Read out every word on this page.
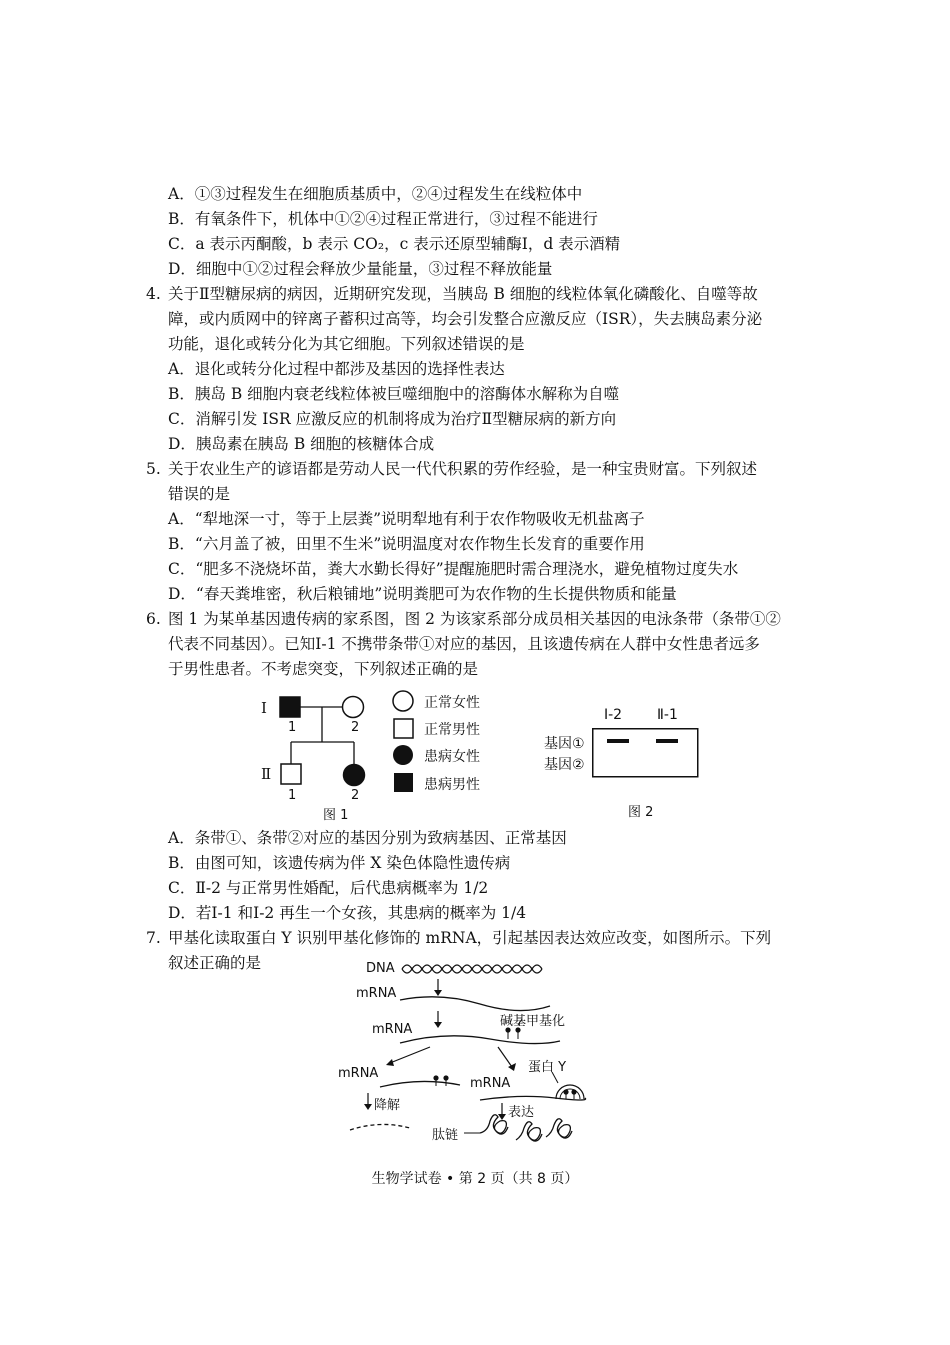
A．①③过程发生在细胞质基质中，②④过程发生在线粒体中
B．有氧条件下，机体中①②④过程正常进行，③过程不能进行
C．a 表示丙酮酸，b 表示 CO₂，c 表示还原型辅酶Ⅰ，d 表示酒精
D．细胞中①②过程会释放少量能量，③过程不释放能量
4. 关于Ⅱ型糖尿病的病因，近期研究发现，当胰岛 B 细胞的线粒体氧化磷酸化、自噬等故
障，或内质网中的锌离子蓄积过高等，均会引发整合应激反应（ISR），失去胰岛素分泌
功能，退化或转分化为其它细胞。下列叙述错误的是
A．退化或转分化过程中都涉及基因的选择性表达
B．胰岛 B 细胞内衰老线粒体被巨噬细胞中的溶酶体水解称为自噬
C．消解引发 ISR 应激反应的机制将成为治疗Ⅱ型糖尿病的新方向
D．胰岛素在胰岛 B 细胞的核糖体合成
5. 关于农业生产的谚语都是劳动人民一代代积累的劳作经验，是一种宝贵财富。下列叙述
错误的是
A．“犁地深一寸，等于上层粪”说明犁地有利于农作物吸收无机盐离子
B．“六月盖了被，田里不生米”说明温度对农作物生长发育的重要作用
C．“肥多不浇烧坏苗，粪大水勤长得好”提醒施肥时需合理浇水，避免植物过度失水
D．“春天粪堆密，秋后粮铺地”说明粪肥可为农作物的生长提供物质和能量
6. 图 1 为某单基因遗传病的家系图，图 2 为该家系部分成员相关基因的电泳条带（条带①②
代表不同基因）。已知Ⅰ-1 不携带条带①对应的基因，且该遗传病在人群中女性患者远多
于男性患者。不考虑突变，下列叙述正确的是
Ⅰ
Ⅱ
1	2
1	2
图 1
正常女性
正常男性
患病女性
患病男性
Ⅰ-2 Ⅱ-1
基因①
基因②
图 2
A．条带①、条带②对应的基因分别为致病基因、正常基因
B．由图可知，该遗传病为伴 X 染色体隐性遗传病
C．Ⅱ-2 与正常男性婚配，后代患病概率为 1/2
D．若Ⅰ-1 和Ⅰ-2 再生一个女孩，其患病的概率为 1/4
7. 甲基化读取蛋白 Y 识别甲基化修饰的 mRNA，引起基因表达效应改变，如图所示。下列
叙述正确的是	DNA
mRNA
mRNA
碱基甲基化
mRNA
mRNA
蛋白 Y
降解	表达
肽链
生物学试卷 • 第 2 页（共 8 页）
